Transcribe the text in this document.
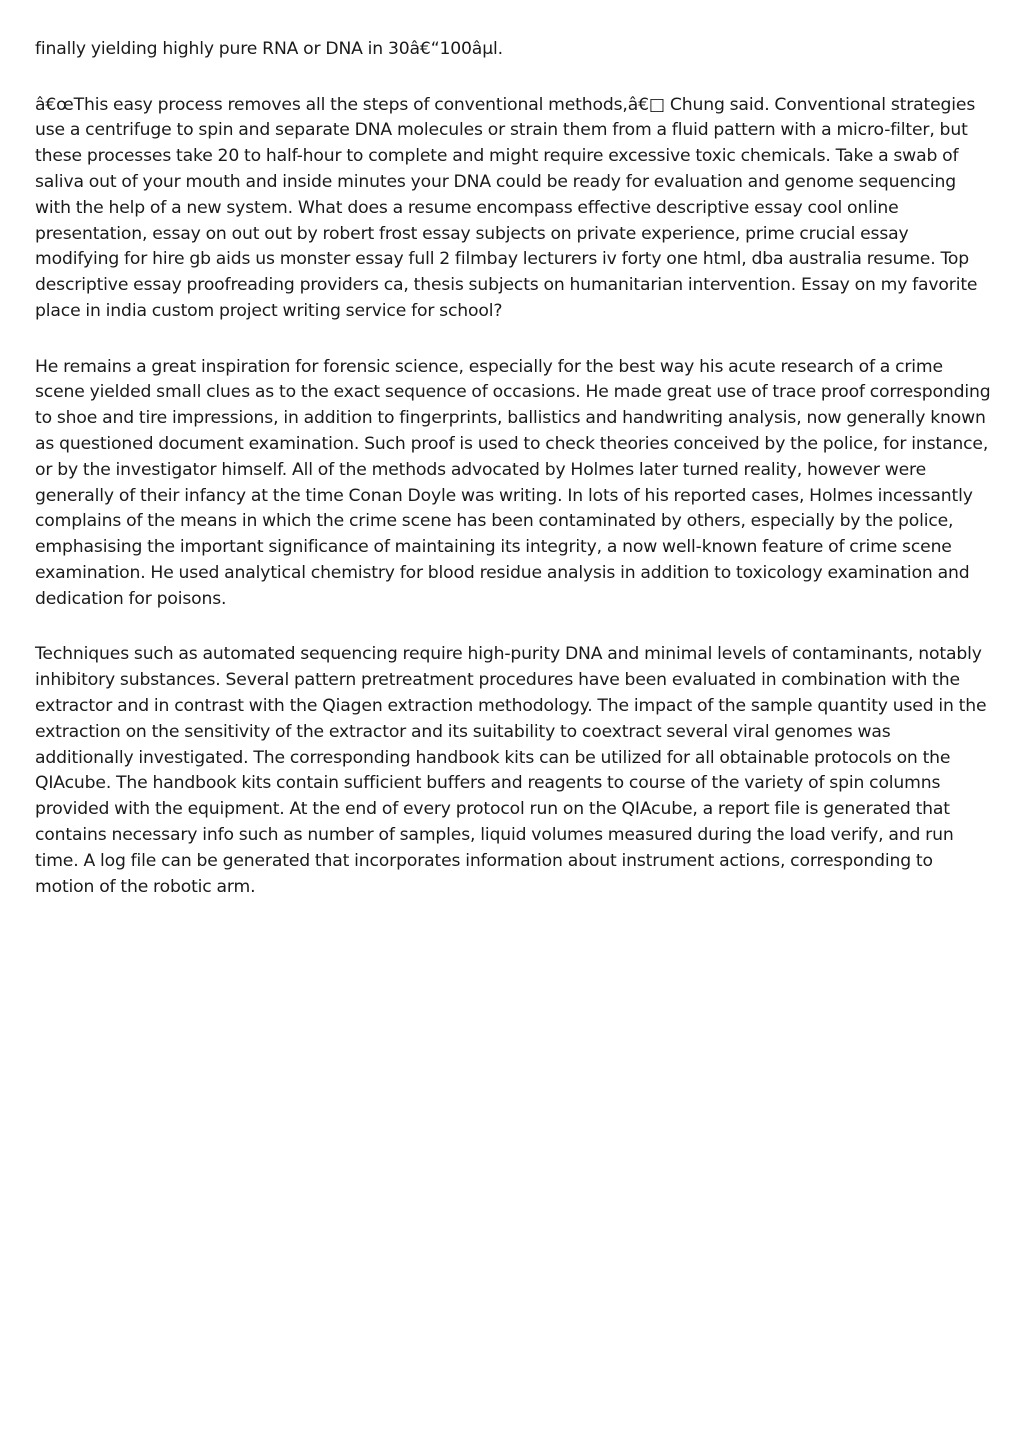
finally yielding highly pure RNA or DNA in 30â€“100âµl.

â€œThis easy process removes all the steps of conventional methods,â€□ Chung said. Conventional strategies use a centrifuge to spin and separate DNA molecules or strain them from a fluid pattern with a micro-filter, but these processes take 20 to half-hour to complete and might require excessive toxic chemicals. Take a swab of saliva out of your mouth and inside minutes your DNA could be ready for evaluation and genome sequencing with the help of a new system. What does a resume encompass effective descriptive essay cool online presentation, essay on out out by robert frost essay subjects on private experience, prime crucial essay modifying for hire gb aids us monster essay full 2 filmbay lecturers iv forty one html, dba australia resume. Top descriptive essay proofreading providers ca, thesis subjects on humanitarian intervention. Essay on my favorite place in india custom project writing service for school?

He remains a great inspiration for forensic science, especially for the best way his acute research of a crime scene yielded small clues as to the exact sequence of occasions. He made great use of trace proof corresponding to shoe and tire impressions, in addition to fingerprints, ballistics and handwriting analysis, now generally known as questioned document examination. Such proof is used to check theories conceived by the police, for instance, or by the investigator himself. All of the methods advocated by Holmes later turned reality, however were generally of their infancy at the time Conan Doyle was writing. In lots of his reported cases, Holmes incessantly complains of the means in which the crime scene has been contaminated by others, especially by the police, emphasising the important significance of maintaining its integrity, a now well-known feature of crime scene examination. He used analytical chemistry for blood residue analysis in addition to toxicology examination and dedication for poisons.

Techniques such as automated sequencing require high-purity DNA and minimal levels of contaminants, notably inhibitory substances. Several pattern pretreatment procedures have been evaluated in combination with the extractor and in contrast with the Qiagen extraction methodology. The impact of the sample quantity used in the extraction on the sensitivity of the extractor and its suitability to coextract several viral genomes was additionally investigated. The corresponding handbook kits can be utilized for all obtainable protocols on the QIAcube. The handbook kits contain sufficient buffers and reagents to course of the variety of spin columns provided with the equipment. At the end of every protocol run on the QIAcube, a report file is generated that contains necessary info such as number of samples, liquid volumes measured during the load verify, and run time. A log file can be generated that incorporates information about instrument actions, corresponding to motion of the robotic arm.
